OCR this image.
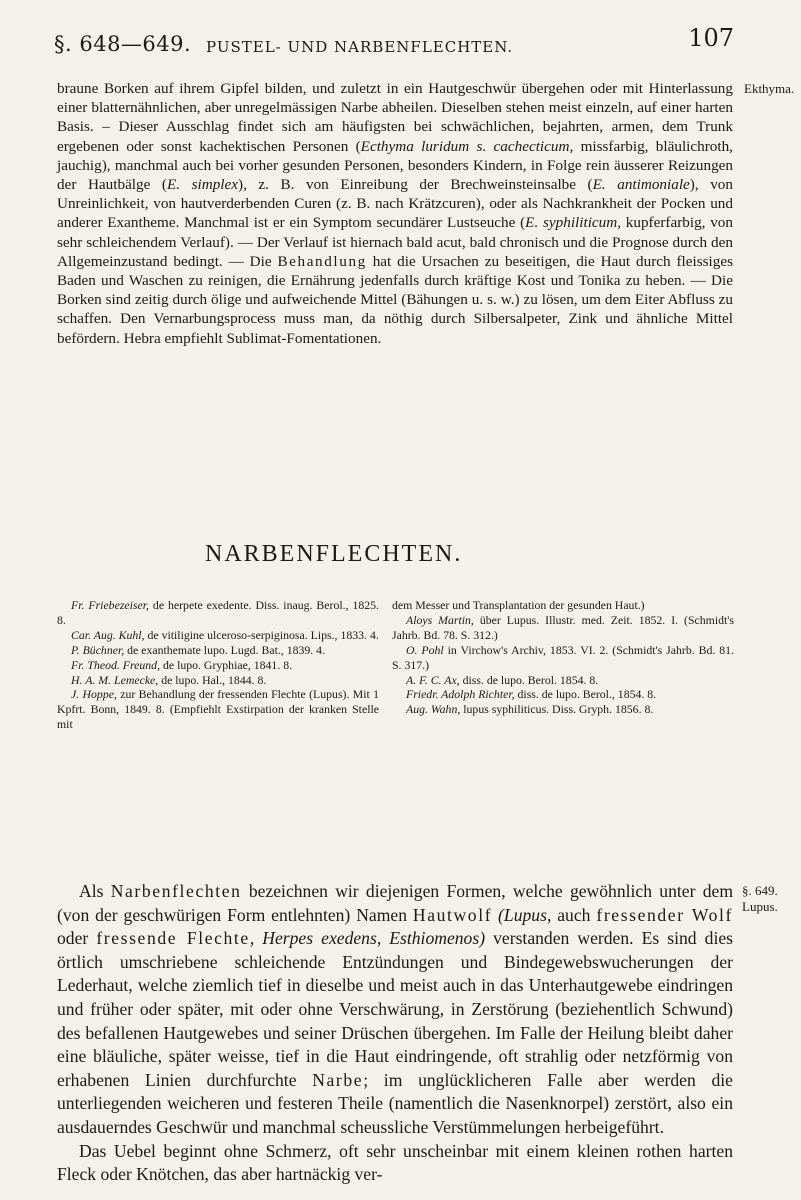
§. 648—649. PUSTEL- UND NARBENFLECHTEN.	107
Ekthyma.
braune Borken auf ihrem Gipfel bilden, und zuletzt in ein Hautgeschwür übergehen oder mit Hinterlassung einer blatternähnlichen, aber unregelmässigen Narbe abheilen. Dieselben stehen meist einzeln, auf einer harten Basis. – Dieser Ausschlag findet sich am häufigsten bei schwächlichen, bejahrten, armen, dem Trunk ergebenen oder sonst kachektischen Personen (Ecthyma luridum s. cachecticum, missfarbig, bläulichroth, jauchig), manchmal auch bei vorher gesunden Personen, besonders Kindern, in Folge rein äusserer Reizungen der Hautbälge (E. simplex), z. B. von Einreibung der Brechweinsteinsalbe (E. antimoniale), von Unreinlichkeit, von hautverderbenden Curen (z. B. nach Krätzcuren), oder als Nachkrankheit der Pocken und anderer Exantheme. Manchmal ist er ein Symptom secundärer Lustseuche (E. syphiliticum, kupferfarbig, von sehr schleichendem Verlauf). — Der Verlauf ist hiernach bald acut, bald chronisch und die Prognose durch den Allgemeinzustand bedingt. — Die Behandlung hat die Ursachen zu beseitigen, die Haut durch fleissiges Baden und Waschen zu reinigen, die Ernährung jedenfalls durch kräftige Kost und Tonika zu heben. — Die Borken sind zeitig durch ölige und aufweichende Mittel (Bähungen u. s. w.) zu lösen, um dem Eiter Abfluss zu schaffen. Den Vernarbungsprocess muss man, da nöthig durch Silbersalpeter, Zink und ähnliche Mittel befördern. Hebra empfiehlt Sublimat-Fomentationen.
NARBENFLECHTEN.
Fr. Friebezeiser, de herpete exedente. Diss. inaug. Berol., 1825. 8.
Car. Aug. Kuhl, de vitiligine ulceroso-serpiginosa. Lips., 1833. 4.
P. Büchner, de exanthemate lupo. Lugd. Bat., 1839. 4.
Fr. Theod. Freund, de lupo. Gryphiae, 1841. 8.
H. A. M. Lemecke, de lupo. Hal., 1844. 8.
J. Hoppe, zur Behandlung der fressenden Flechte (Lupus). Mit 1 Kpfrt. Bonn, 1849. 8. (Empfiehlt Exstirpation der kranken Stelle mit
dem Messer und Transplantation der gesunden Haut.)
Aloys Martin, über Lupus. Illustr. med. Zeit. 1852. I. (Schmidt's Jahrb. Bd. 78. S. 312.)
O. Pohl in Virchow's Archiv, 1853. VI. 2. (Schmidt's Jahrb. Bd. 81. S. 317.)
A. F. C. Ax, diss. de lupo. Berol. 1854. 8.
Friedr. Adolph Richter, diss. de lupo. Berol., 1854. 8.
Aug. Wahn, lupus syphiliticus. Diss. Gryph. 1856. 8.
§. 649.
Lupus.
Als Narbenflechten bezeichnen wir diejenigen Formen, welche gewöhnlich unter dem (von der geschwürigen Form entlehnten) Namen Hautwolf (Lupus, auch fressender Wolf oder fressende Flechte, Herpes exedens, Esthiomenos) verstanden werden. Es sind dies örtlich umschriebene schleichende Entzündungen und Bindegewebswucherungen der Lederhaut, welche ziemlich tief in dieselbe und meist auch in das Unterhautgewebe eindringen und früher oder später, mit oder ohne Verschwärung, in Zerstörung (beziehentlich Schwund) des befallenen Hautgewebes und seiner Drüschen übergehen. Im Falle der Heilung bleibt daher eine bläuliche, später weisse, tief in die Haut eindringende, oft strahlig oder netzförmig von erhabenen Linien durchfurchte Narbe; im unglücklicheren Falle aber werden die unterliegenden weicheren und festeren Theile (namentlich die Nasenknorpel) zerstört, also ein ausdauerndes Geschwür und manchmal scheussliche Verstümmelungen herbeigeführt.
Das Uebel beginnt ohne Schmerz, oft sehr unscheinbar mit einem kleinen rothen harten Fleck oder Knötchen, das aber hartnäckig ver-
